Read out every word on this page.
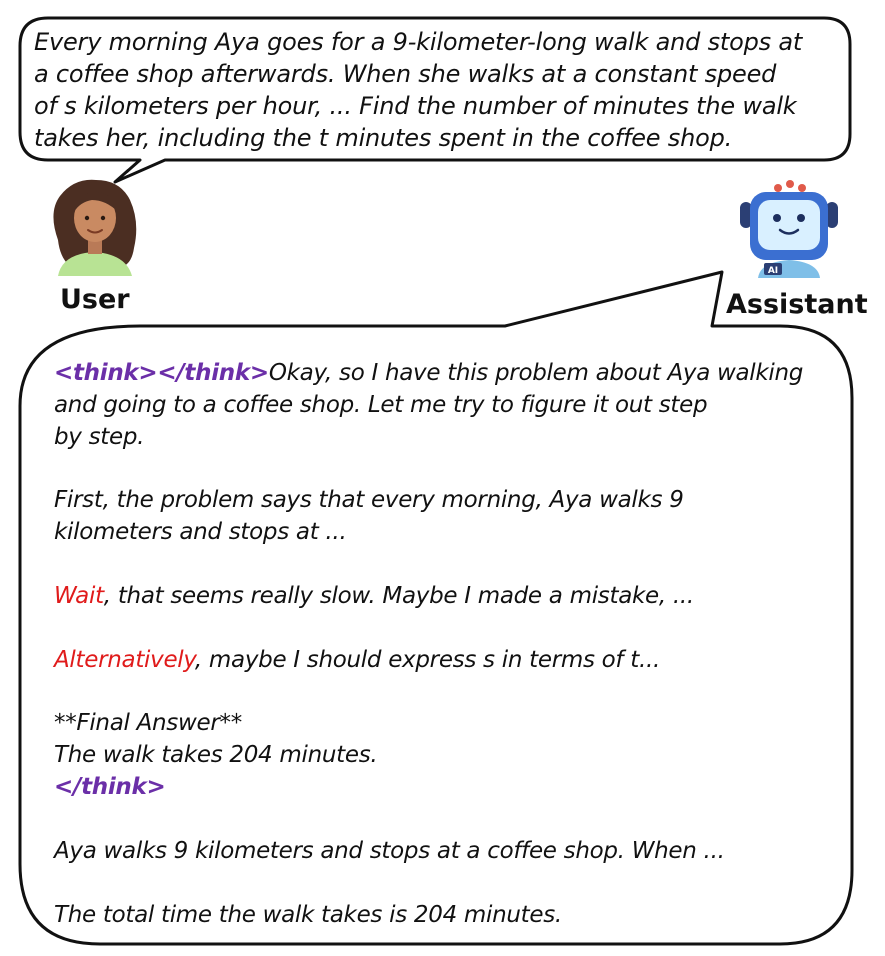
AI
Every morning Aya goes for a 9-kilometer-long walk and stops at
a coffee shop afterwards. When she walks at a constant speed
of s kilometers per hour, ... Find the number of minutes the walk
takes her, including the t minutes spent in the coffee shop.
User	Assistant
<think></think>Okay, so I have this problem about Aya walking
and going to a coffee shop. Let me try to figure it out step
by step.
First, the problem says that every morning, Aya walks 9
kilometers and stops at ...
Wait, that seems really slow. Maybe I made a mistake, ...
Alternatively, maybe I should express s in terms of t...
**Final Answer**
The walk takes 204 minutes.
</think>
Aya walks 9 kilometers and stops at a coffee shop. When ...
The total time the walk takes is 204 minutes.
